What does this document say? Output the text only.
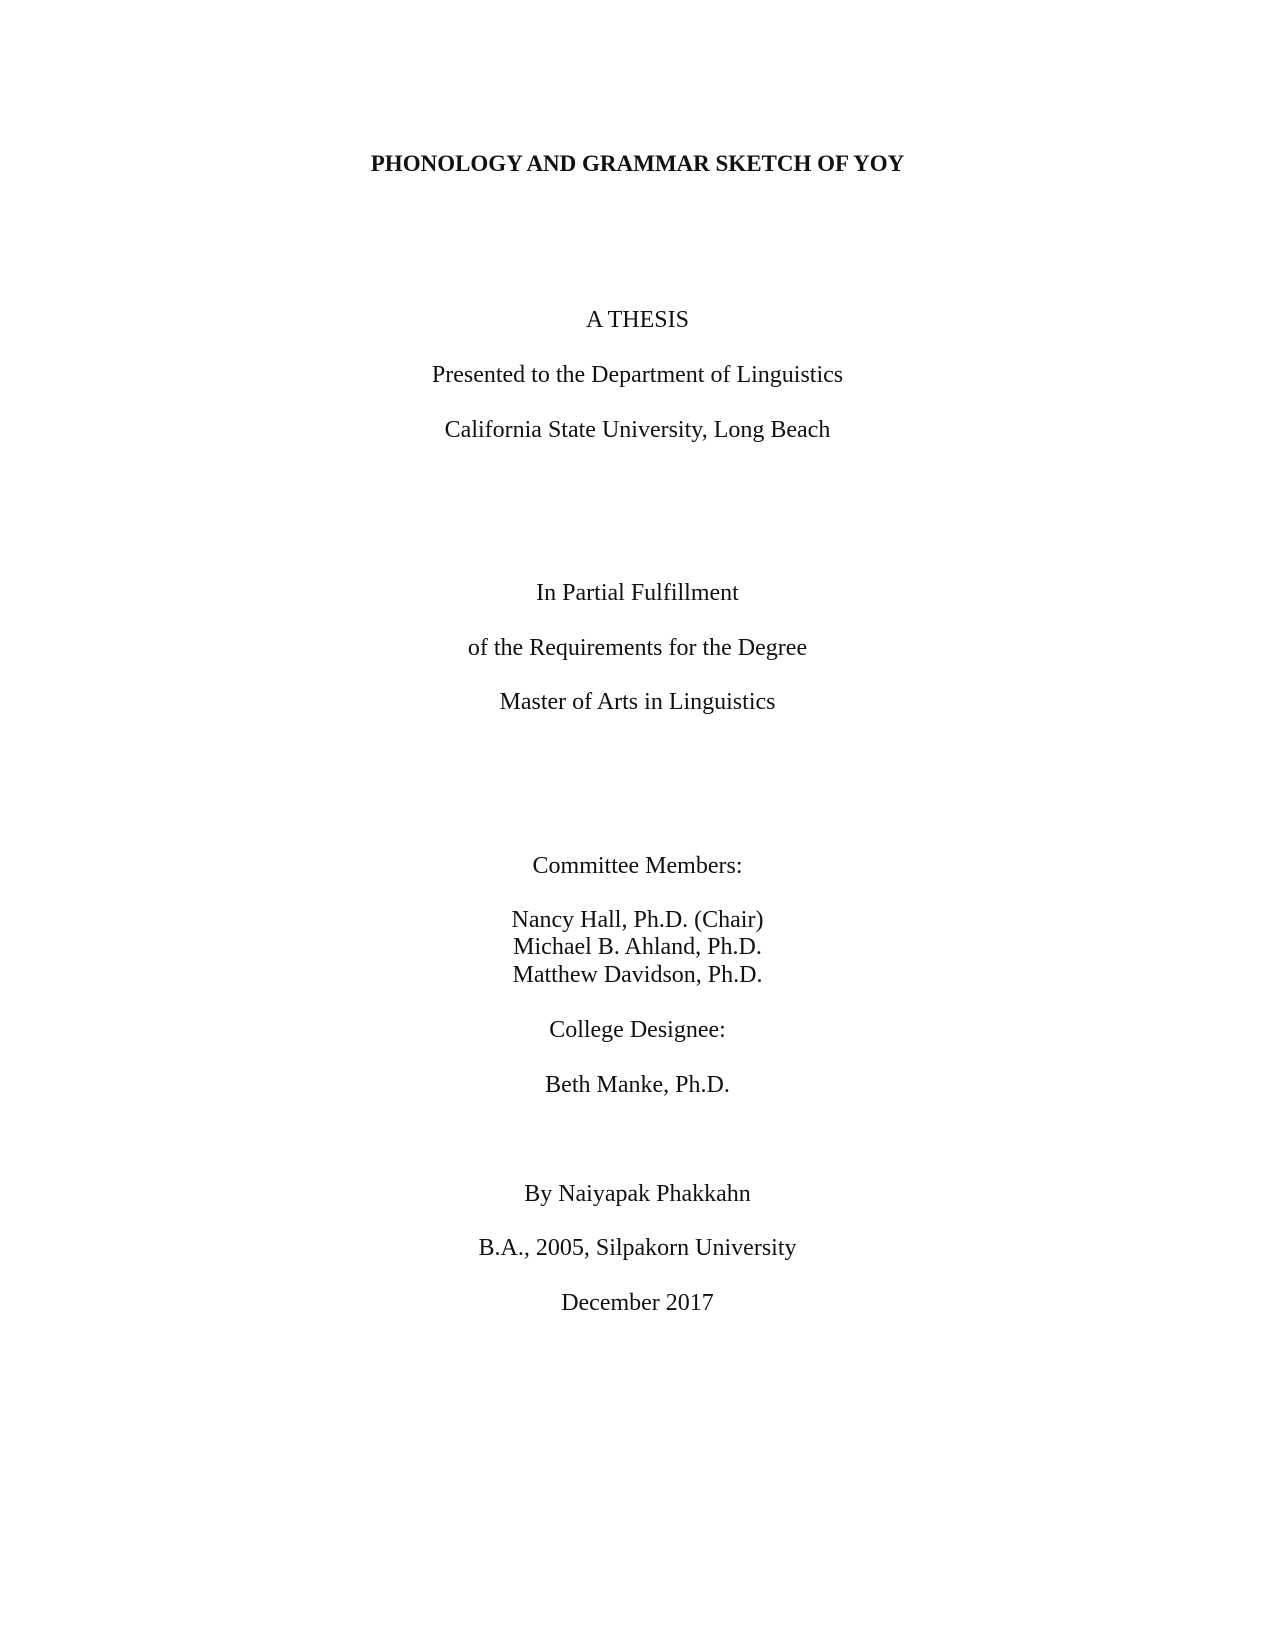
PHONOLOGY AND GRAMMAR SKETCH OF YOY
A THESIS
Presented to the Department of Linguistics
California State University, Long Beach
In Partial Fulfillment
of the Requirements for the Degree
Master of Arts in Linguistics
Committee Members:
Nancy Hall, Ph.D. (Chair)
Michael B. Ahland, Ph.D.
Matthew Davidson, Ph.D.
College Designee:
Beth Manke, Ph.D.
By Naiyapak Phakkahn
B.A., 2005, Silpakorn University
December 2017
